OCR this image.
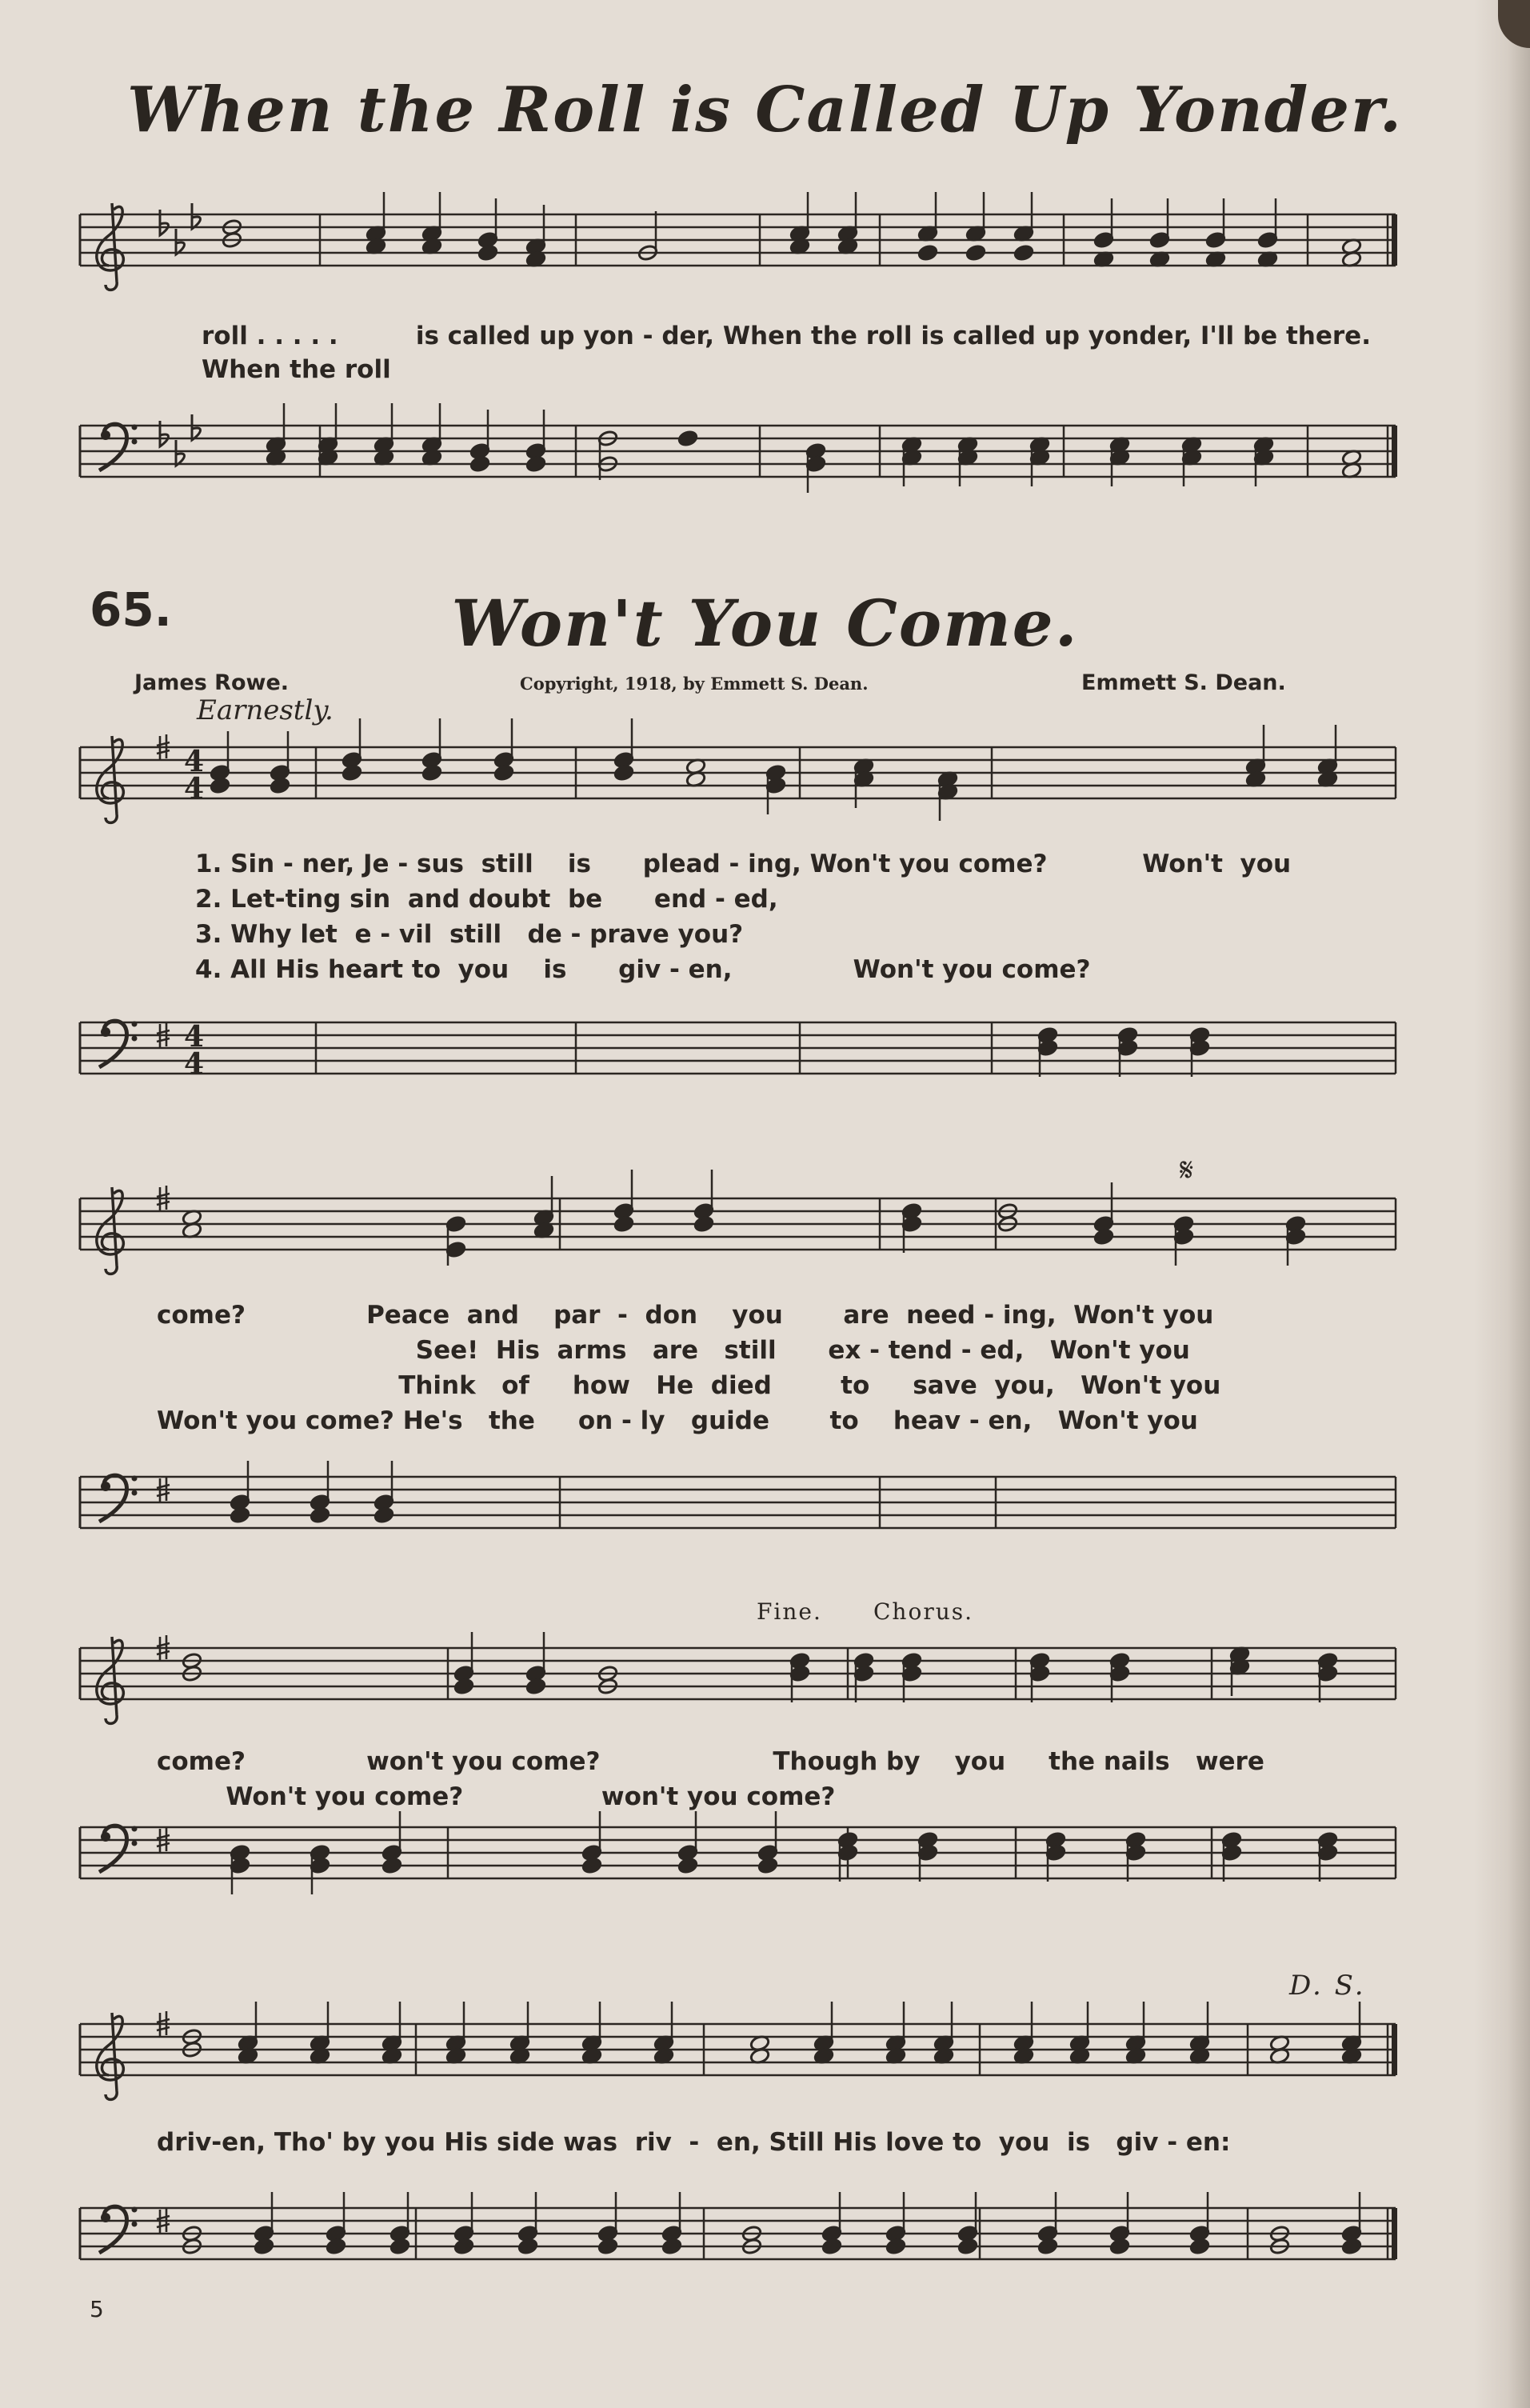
When the Roll is Called Up Yonder.
65.	Won't You Come.
James Rowe.	Copyright, 1918, by Emmett S. Dean.	Emmett S. Dean.
Earnestly.
4
4
4
4
𝄋
Fine. Chorus.
D. S.
roll . . . . .         is called up yon - der, When the roll is called up yonder, I'll be there.
When the roll
1. Sin - ner, Je - sus  still    is      plead - ing, Won't you come?           Won't  you
2. Let-ting sin  and doubt  be      end - ed,
3. Why let  e - vil  still   de - prave you?
4. All His heart to  you    is      giv - en,              Won't you come?
come?              Peace  and    par  -  don    you       are  need - ing,  Won't you
See!  His  arms   are   still      ex - tend - ed,   Won't you
Think   of     how   He  died        to     save  you,   Won't you
Won't you come? He's   the     on - ly   guide       to    heav - en,   Won't you
come?              won't you come?                    Though by    you     the nails   were
Won't you come?                won't you come?
driv-en, Tho' by you His side was  riv  -  en, Still His love to  you  is   giv - en:
5
